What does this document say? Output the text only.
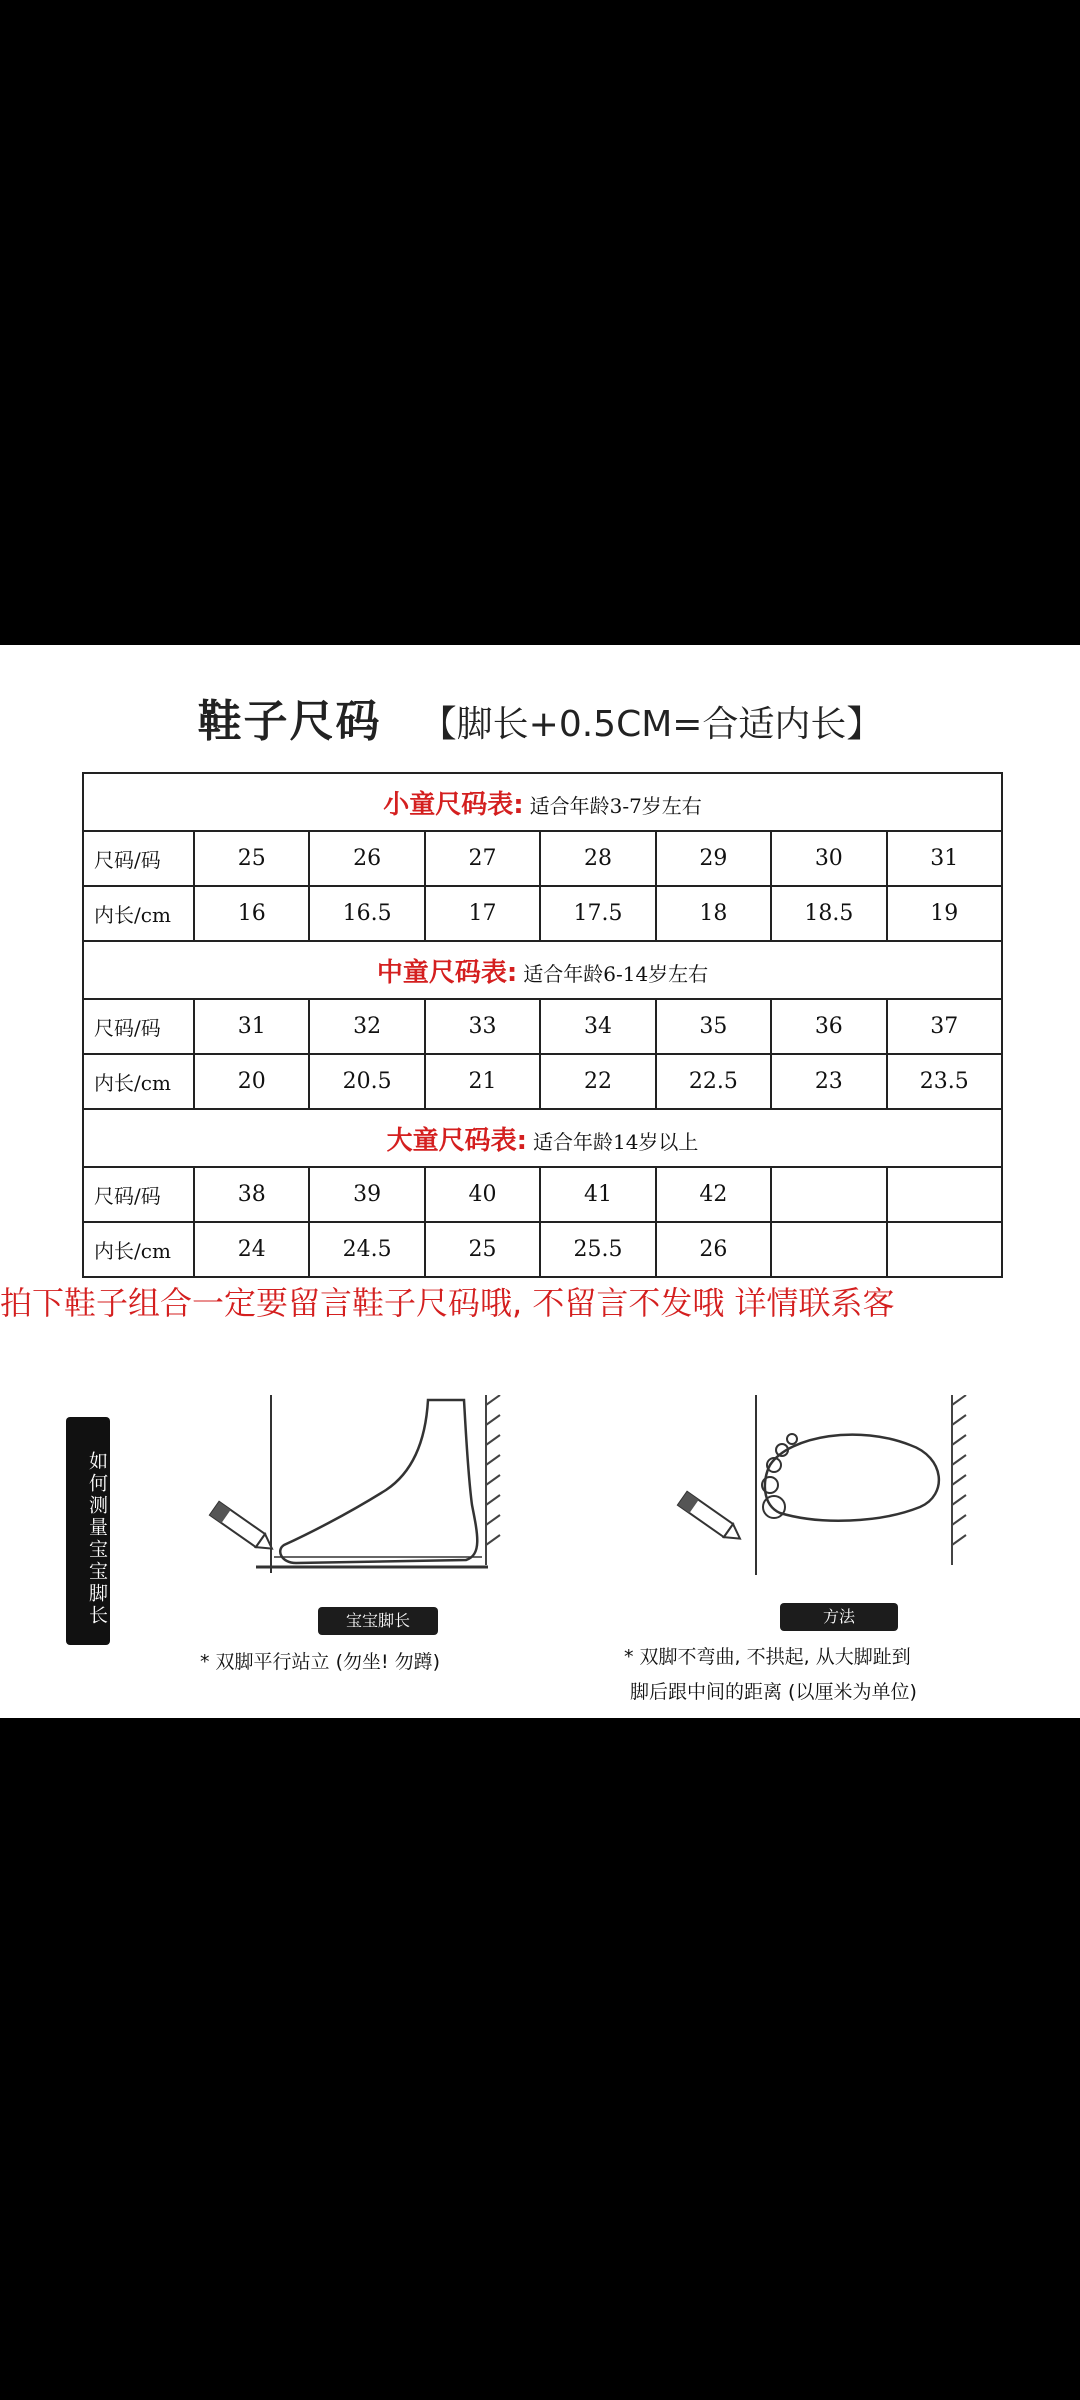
鞋子尺码 【脚长+0.5CM=合适内长】
小童尺码表: 适合年龄3-7岁左右							
尺码/码	25	26	27	28	29	30	31
内长/cm	16	16.5	17	17.5	18	18.5	19
中童尺码表: 适合年龄6-14岁左右							
尺码/码	31	32	33	34	35	36	37
内长/cm	20	20.5	21	22	22.5	23	23.5
大童尺码表: 适合年龄14岁以上							
尺码/码	38	39	40	41	42		
内长/cm	24	24.5	25	25.5	26		
拍下鞋子组合一定要留言鞋子尺码哦, 不留言不发哦 详情联系客
如何测量宝宝脚长	宝宝脚长
* 双脚平行站立 (勿坐! 勿蹲)
方法
* 双脚不弯曲, 不拱起, 从大脚趾到
脚后跟中间的距离 (以厘米为单位)
